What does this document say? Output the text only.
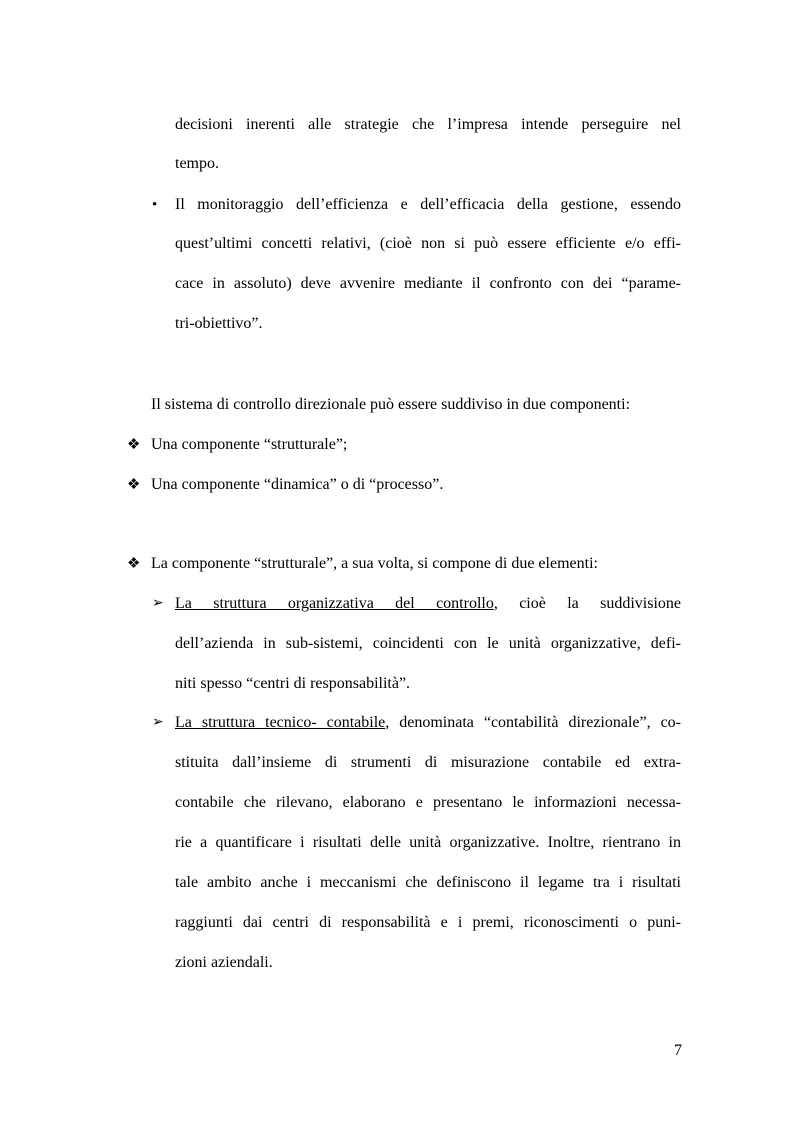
decisioni inerenti alle strategie che l’impresa intende perseguire nel
tempo.
• Il monitoraggio dell’efficienza e dell’efficacia della gestione, essendo
quest’ultimi concetti relativi, (cioè non si può essere efficiente e/o effi-
cace in assoluto) deve avvenire mediante il confronto con dei “parame-
tri-obiettivo”.
Il sistema di controllo direzionale può essere suddiviso in due componenti:
❖ Una componente “strutturale”;
❖ Una componente “dinamica” o di “processo”.
❖ La componente “strutturale”, a sua volta, si compone di due elementi:
➢ La struttura organizzativa del controllo, cioè la suddivisione
dell’azienda in sub-sistemi, coincidenti con le unità organizzative, defi-
niti spesso “centri di responsabilità”.
➢ La struttura tecnico- contabile, denominata “contabilità direzionale”, co-
stituita dall’insieme di strumenti di misurazione contabile ed extra-
contabile che rilevano, elaborano e presentano le informazioni necessa-
rie a quantificare i risultati delle unità organizzative. Inoltre, rientrano in
tale ambito anche i meccanismi che definiscono il legame tra i risultati
raggiunti dai centri di responsabilità e i premi, riconoscimenti o puni-
zioni aziendali.
7
